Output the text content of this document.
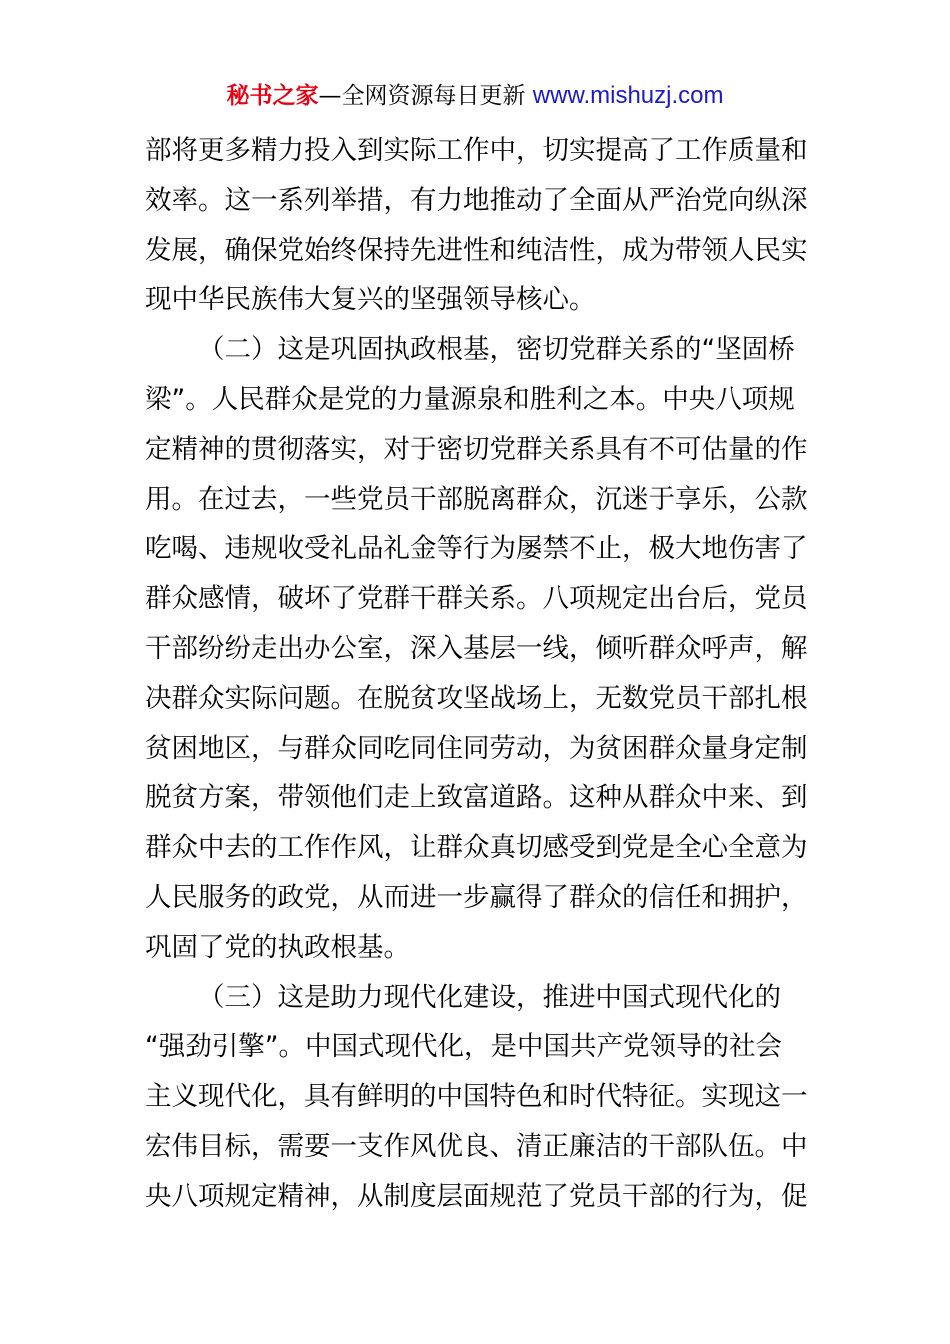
秘书之家—全网资源每日更新 www.mishuzj.com
部将更多精力投入到实际工作中，切实提高了工作质量和
效率。这一系列举措，有力地推动了全面从严治党向纵深
发展，确保党始终保持先进性和纯洁性，成为带领人民实
现中华民族伟大复兴的坚强领导核心。
（二）这是巩固执政根基，密切党群关系的“坚固桥
梁”。人民群众是党的力量源泉和胜利之本。中央八项规
定精神的贯彻落实，对于密切党群关系具有不可估量的作
用。在过去，一些党员干部脱离群众，沉迷于享乐，公款
吃喝、违规收受礼品礼金等行为屡禁不止，极大地伤害了
群众感情，破坏了党群干群关系。八项规定出台后，党员
干部纷纷走出办公室，深入基层一线，倾听群众呼声，解
决群众实际问题。在脱贫攻坚战场上，无数党员干部扎根
贫困地区，与群众同吃同住同劳动，为贫困群众量身定制
脱贫方案，带领他们走上致富道路。这种从群众中来、到
群众中去的工作作风，让群众真切感受到党是全心全意为
人民服务的政党，从而进一步赢得了群众的信任和拥护，
巩固了党的执政根基。
（三）这是助力现代化建设，推进中国式现代化的
“强劲引擎”。中国式现代化，是中国共产党领导的社会
主义现代化，具有鲜明的中国特色和时代特征。实现这一
宏伟目标，需要一支作风优良、清正廉洁的干部队伍。中
央八项规定精神，从制度层面规范了党员干部的行为，促
